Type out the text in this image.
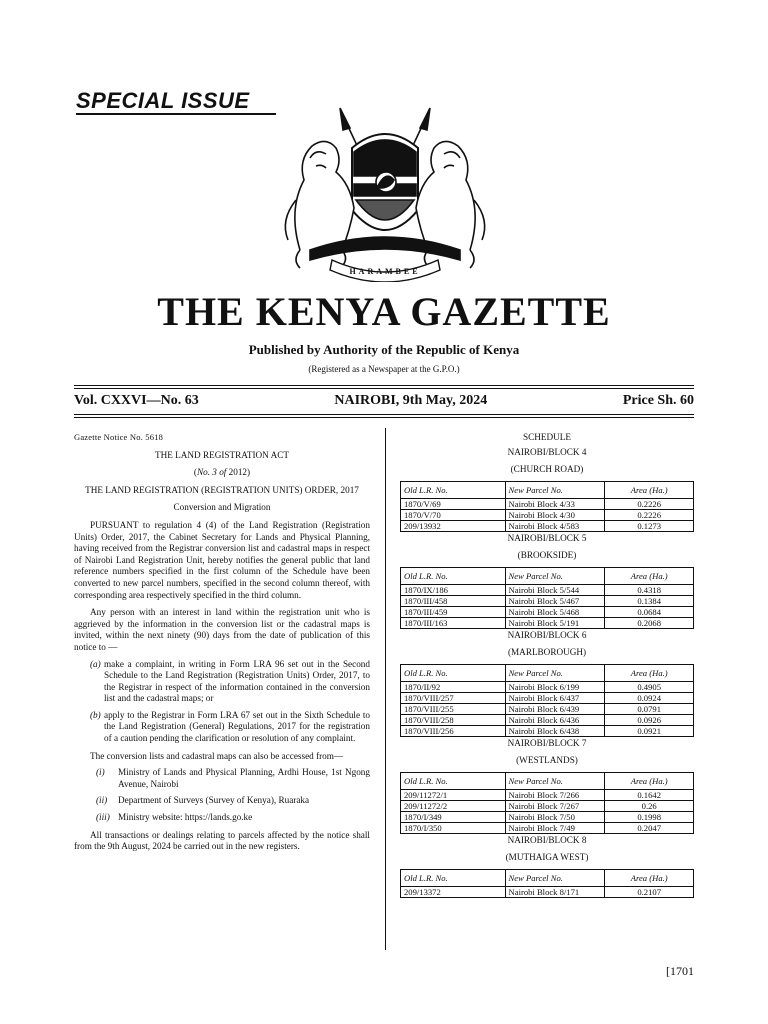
SPECIAL ISSUE
HARAMBEE
THE KENYA GAZETTE
Published by Authority of the Republic of Kenya
(Registered as a Newspaper at the G.P.O.)
Vol. CXXVI—No. 63	NAIROBI, 9th May, 2024	Price Sh. 60

Gazette Notice No. 5618

THE LAND REGISTRATION ACT

(No. 3 of 2012)

THE LAND REGISTRATION (REGISTRATION UNITS) ORDER, 2017

Conversion and Migration

PURSUANT to regulation 4 (4) of the Land Registration (Registration Units) Order, 2017, the Cabinet Secretary for Lands and Physical Planning, having received from the Registrar conversion list and cadastral maps in respect of Nairobi Land Registration Unit, hereby notifies the general public that land reference numbers specified in the first column of the Schedule have been converted to new parcel numbers, specified in the second column thereof, with corresponding area respectively specified in the third column.

Any person with an interest in land within the registration unit who is aggrieved by the information in the conversion list or the cadastral maps is invited, within the next ninety (90) days from the date of publication of this notice to —

(a) make a complaint, in writing in Form LRA 96 set out in the Second Schedule to the Land Registration (Registration Units) Order, 2017, to the Registrar in respect of the information contained in the conversion list and the cadastral maps; or
(b) apply to the Registrar in Form LRA 67 set out in the Sixth Schedule to the Land Registration (General) Regulations, 2017 for the registration of a caution pending the clarification or resolution of any complaint.

The conversion lists and cadastral maps can also be accessed from—

(i)	Ministry of Lands and Physical Planning, Ardhi House, 1st Ngong Avenue, Nairobi
(ii)	Department of Surveys (Survey of Kenya), Ruaraka
(iii) Ministry website: https://lands.go.ke

All transactions or dealings relating to parcels affected by the notice shall from the 9th August, 2024 be carried out in the new registers.

SCHEDULE

NAIROBI/BLOCK 4

(CHURCH ROAD)

Old L.R. No.	New Parcel No.	Area (Ha.)
1870/V/69	Nairobi Block 4/33	0.2226
1870/V/70	Nairobi Block 4/30	0.2226
209/13932	Nairobi Block 4/583	0.1273

NAIROBI/BLOCK 5

(BROOKSIDE)

Old L.R. No.	New Parcel No.	Area (Ha.)
1870/IX/186	Nairobi Block 5/544	0.4318
1870/III/458	Nairobi Block 5/467	0.1384
1870/III/459	Nairobi Block 5/468	0.0684
1870/III/163	Nairobi Block 5/191	0.2068

NAIROBI/BLOCK 6

(MARLBOROUGH)

Old L.R. No.	New Parcel No.	Area (Ha.)
1870/II/92	Nairobi Block 6/199	0.4905
1870/VIII/257	Nairobi Block 6/437	0.0924
1870/VIII/255	Nairobi Block 6/439	0.0791
1870/VIII/258	Nairobi Block 6/436	0.0926
1870/VIII/256	Nairobi Block 6/438	0.0921

NAIROBI/BLOCK 7

(WESTLANDS)

Old L.R. No.	New Parcel No.	Area (Ha.)
209/11272/1	Nairobi Block 7/266	0.1642
209/11272/2	Nairobi Block 7/267	0.26
1870/I/349	Nairobi Block 7/50	0.1998
1870/I/350	Nairobi Block 7/49	0.2047

NAIROBI/BLOCK 8

(MUTHAIGA WEST)

Old L.R. No.	New Parcel No.	Area (Ha.)
209/13372	Nairobi Block 8/171	0.2107
[1701
